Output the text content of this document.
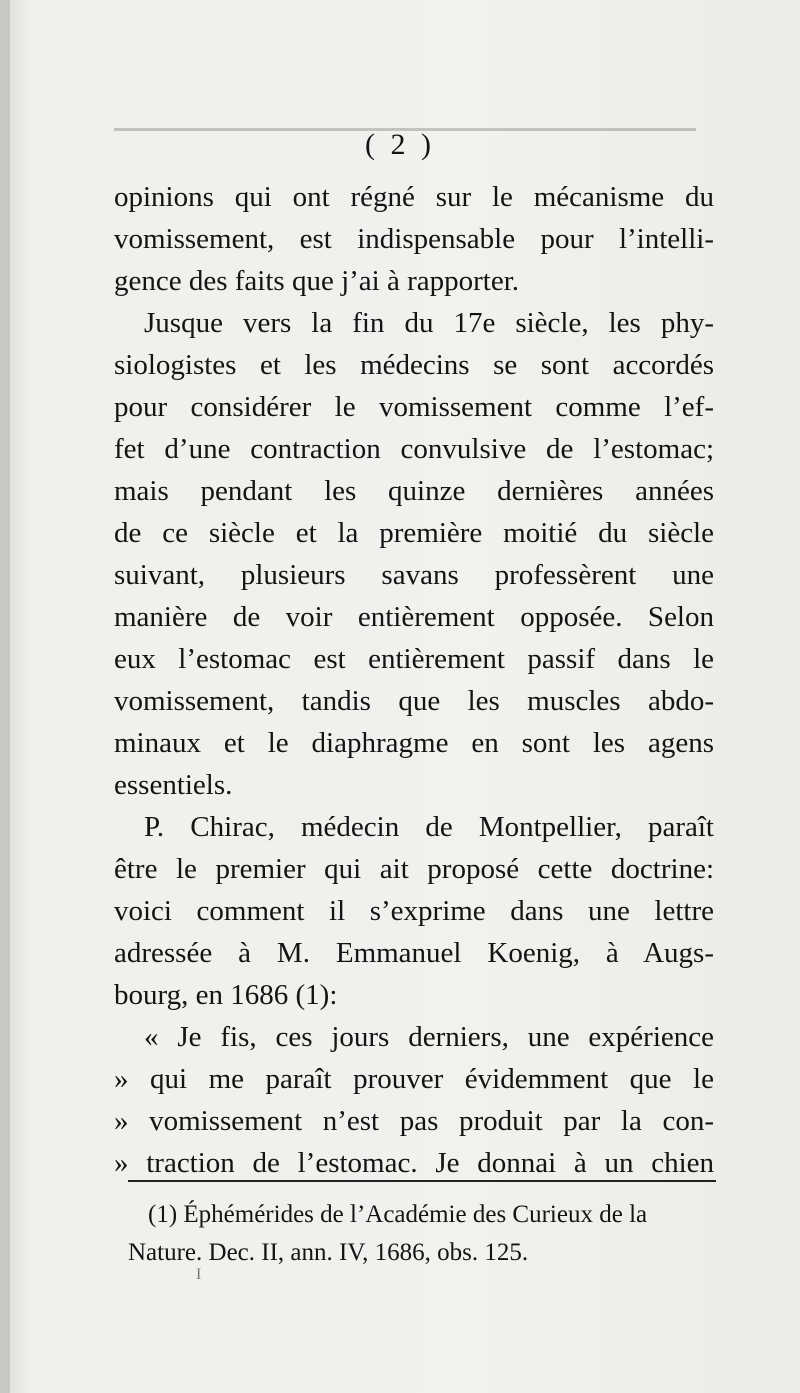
( 2 )
opinions qui ont régné sur le mécanisme du
vomissement, est indispensable pour l’intelli-
gence des faits que j’ai à rapporter.
Jusque vers la fin du 17e siècle, les phy-
siologistes et les médecins se sont accordés
pour considérer le vomissement comme l’ef-
fet d’une contraction convulsive de l’estomac;
mais pendant les quinze dernières années
de ce siècle et la première moitié du siècle
suivant, plusieurs savans professèrent une
manière de voir entièrement opposée. Selon
eux l’estomac est entièrement passif dans le
vomissement, tandis que les muscles abdo-
minaux et le diaphragme en sont les agens
essentiels.
P. Chirac, médecin de Montpellier, paraît
être le premier qui ait proposé cette doctrine:
voici comment il s’exprime dans une lettre
adressée à M. Emmanuel Koenig, à Augs-
bourg, en 1686 (1):
« Je fis, ces jours derniers, une expérience
» qui me paraît prouver évidemment que le
» vomissement n’est pas produit par la con-
» traction de l’estomac. Je donnai à un chien
(1) Éphémérides de l’Académie des Curieux de la
Nature. Dec. II, ann. IV, 1686, obs. 125.
I
